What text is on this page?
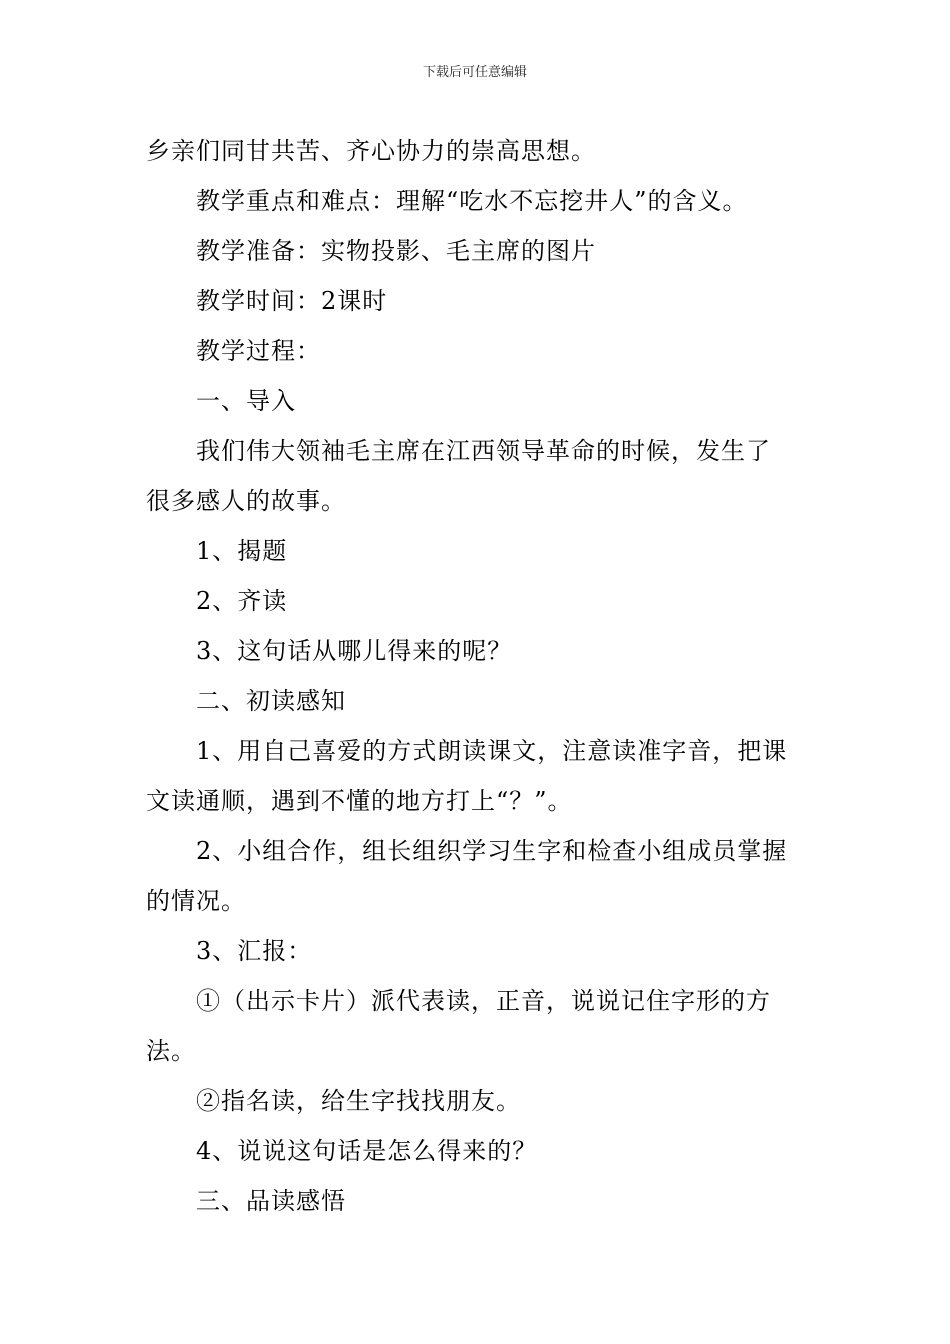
下载后可任意编辑
乡亲们同甘共苦、齐心协力的崇高思想。
教学重点和难点：理解“吃水不忘挖井人”的含义。
教学准备：实物投影、毛主席的图片
教学时间：2课时
教学过程：
一、导入
我们伟大领袖毛主席在江西领导革命的时候，发生了
很多感人的故事。
1、揭题
2、齐读
3、这句话从哪儿得来的呢？
二、初读感知
1、用自己喜爱的方式朗读课文，注意读准字音，把课
文读通顺，遇到不懂的地方打上“？”。
2、小组合作，组长组织学习生字和检查小组成员掌握
的情况。
3、汇报：
①（出示卡片）派代表读，正音，说说记住字形的方
法。
②指名读，给生字找找朋友。
4、说说这句话是怎么得来的？
三、品读感悟
